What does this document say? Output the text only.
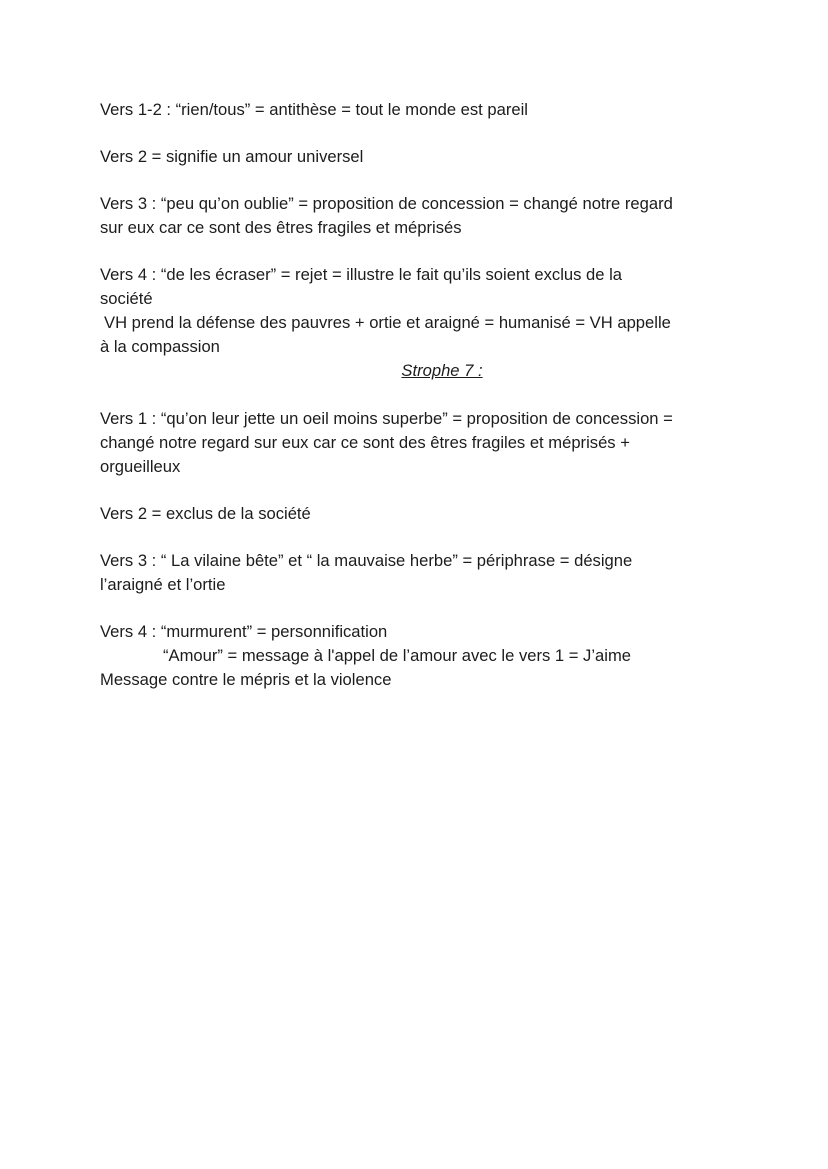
Vers 1-2 : “rien/tous” = antithèse = tout le monde est pareil

Vers 2 = signifie un amour universel

Vers 3 : “peu qu’on oublie” = proposition de concession = changé notre regard
sur eux car ce sont des êtres fragiles et méprisés

Vers 4 : “de les écraser” = rejet = illustre le fait qu’ils soient exclus de la
société
VH prend la défense des pauvres + ortie et araigné = humanisé = VH appelle
à la compassion

Strophe 7 :

Vers 1 : “qu’on leur jette un oeil moins superbe” = proposition de concession =
changé notre regard sur eux car ce sont des êtres fragiles et méprisés +
orgueilleux

Vers 2 = exclus de la société

Vers 3 : “ La vilaine bête” et “ la mauvaise herbe” = périphrase = désigne
l’araigné et l’ortie

Vers 4 : “murmurent” = personnification
“Amour” = message à l'appel de l’amour avec le vers 1 = J’aime
Message contre le mépris et la violence
